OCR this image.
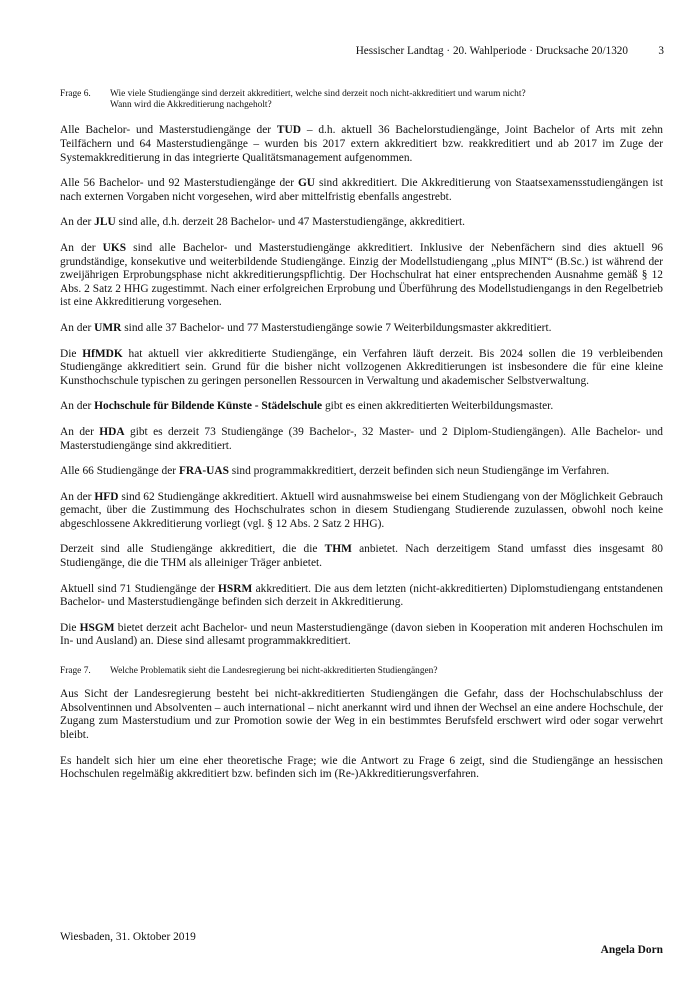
Hessischer Landtag · 20. Wahlperiode · Drucksache 20/1320	3
Frage 6.	Wie viele Studiengänge sind derzeit akkreditiert, welche sind derzeit noch nicht-akkreditiert und warum nicht?
Wann wird die Akkreditierung nachgeholt?

Alle Bachelor- und Masterstudiengänge der TUD – d.h. aktuell 36 Bachelorstudiengänge, Joint Bachelor of Arts mit zehn Teilfächern und 64 Masterstudiengänge – wurden bis 2017 extern akkreditiert bzw. reakkreditiert und ab 2017 im Zuge der Systemakkreditierung in das integrierte Qualitätsmanagement aufgenommen.

Alle 56 Bachelor- und 92 Masterstudiengänge der GU sind akkreditiert. Die Akkreditierung von Staatsexamensstudiengängen ist nach externen Vorgaben nicht vorgesehen, wird aber mittelfristig ebenfalls angestrebt.

An der JLU sind alle, d.h. derzeit 28 Bachelor- und 47 Masterstudiengänge, akkreditiert.

An der UKS sind alle Bachelor- und Masterstudiengänge akkreditiert. Inklusive der Nebenfächern sind dies aktuell 96 grundständige, konsekutive und weiterbildende Studiengänge. Einzig der Modellstudiengang „plus MINT“ (B.Sc.) ist während der zweijährigen Erprobungsphase nicht akkreditierungspflichtig. Der Hochschulrat hat einer entsprechenden Ausnahme gemäß § 12 Abs. 2 Satz 2 HHG zugestimmt. Nach einer erfolgreichen Erprobung und Überführung des Modellstudiengangs in den Regelbetrieb ist eine Akkreditierung vorgesehen.

An der UMR sind alle 37 Bachelor- und 77 Masterstudiengänge sowie 7 Weiterbildungsmaster akkreditiert.

Die HfMDK hat aktuell vier akkreditierte Studiengänge, ein Verfahren läuft derzeit. Bis 2024 sollen die 19 verbleibenden Studiengänge akkreditiert sein. Grund für die bisher nicht vollzogenen Akkreditierungen ist insbesondere die für eine kleine Kunsthochschule typischen zu geringen personellen Ressourcen in Verwaltung und akademischer Selbstverwaltung.

An der Hochschule für Bildende Künste - Städelschule gibt es einen akkreditierten Weiterbildungsmaster.

An der HDA gibt es derzeit 73 Studiengänge (39 Bachelor-, 32 Master- und 2 Diplom-Studiengängen). Alle Bachelor- und Masterstudiengänge sind akkreditiert.

Alle 66 Studiengänge der FRA-UAS sind programmakkreditiert, derzeit befinden sich neun Studiengänge im Verfahren.

An der HFD sind 62 Studiengänge akkreditiert. Aktuell wird ausnahmsweise bei einem Studiengang von der Möglichkeit Gebrauch gemacht, über die Zustimmung des Hochschulrates schon in diesem Studiengang Studierende zuzulassen, obwohl noch keine abgeschlossene Akkreditierung vorliegt (vgl. § 12 Abs. 2 Satz 2 HHG).

Derzeit sind alle Studiengänge akkreditiert, die die THM anbietet. Nach derzeitigem Stand umfasst dies insgesamt 80 Studiengänge, die die THM als alleiniger Träger anbietet.

Aktuell sind 71 Studiengänge der HSRM akkreditiert. Die aus dem letzten (nicht-akkreditierten) Diplomstudiengang entstandenen Bachelor- und Masterstudiengänge befinden sich derzeit in Akkreditierung.

Die HSGM bietet derzeit acht Bachelor- und neun Masterstudiengänge (davon sieben in Kooperation mit anderen Hochschulen im In- und Ausland) an. Diese sind allesamt programmakkreditiert.

Frage 7.	Welche Problematik sieht die Landesregierung bei nicht-akkreditierten Studiengängen?

Aus Sicht der Landesregierung besteht bei nicht-akkreditierten Studiengängen die Gefahr, dass der Hochschulabschluss der Absolventinnen und Absolventen – auch international – nicht anerkannt wird und ihnen der Wechsel an eine andere Hochschule, der Zugang zum Masterstudium und zur Promotion sowie der Weg in ein bestimmtes Berufsfeld erschwert wird oder sogar verwehrt bleibt.

Es handelt sich hier um eine eher theoretische Frage; wie die Antwort zu Frage 6 zeigt, sind die Studiengänge an hessischen Hochschulen regelmäßig akkreditiert bzw. befinden sich im (Re-)Akkreditierungsverfahren.

Wiesbaden, 31. Oktober 2019
Angela Dorn
